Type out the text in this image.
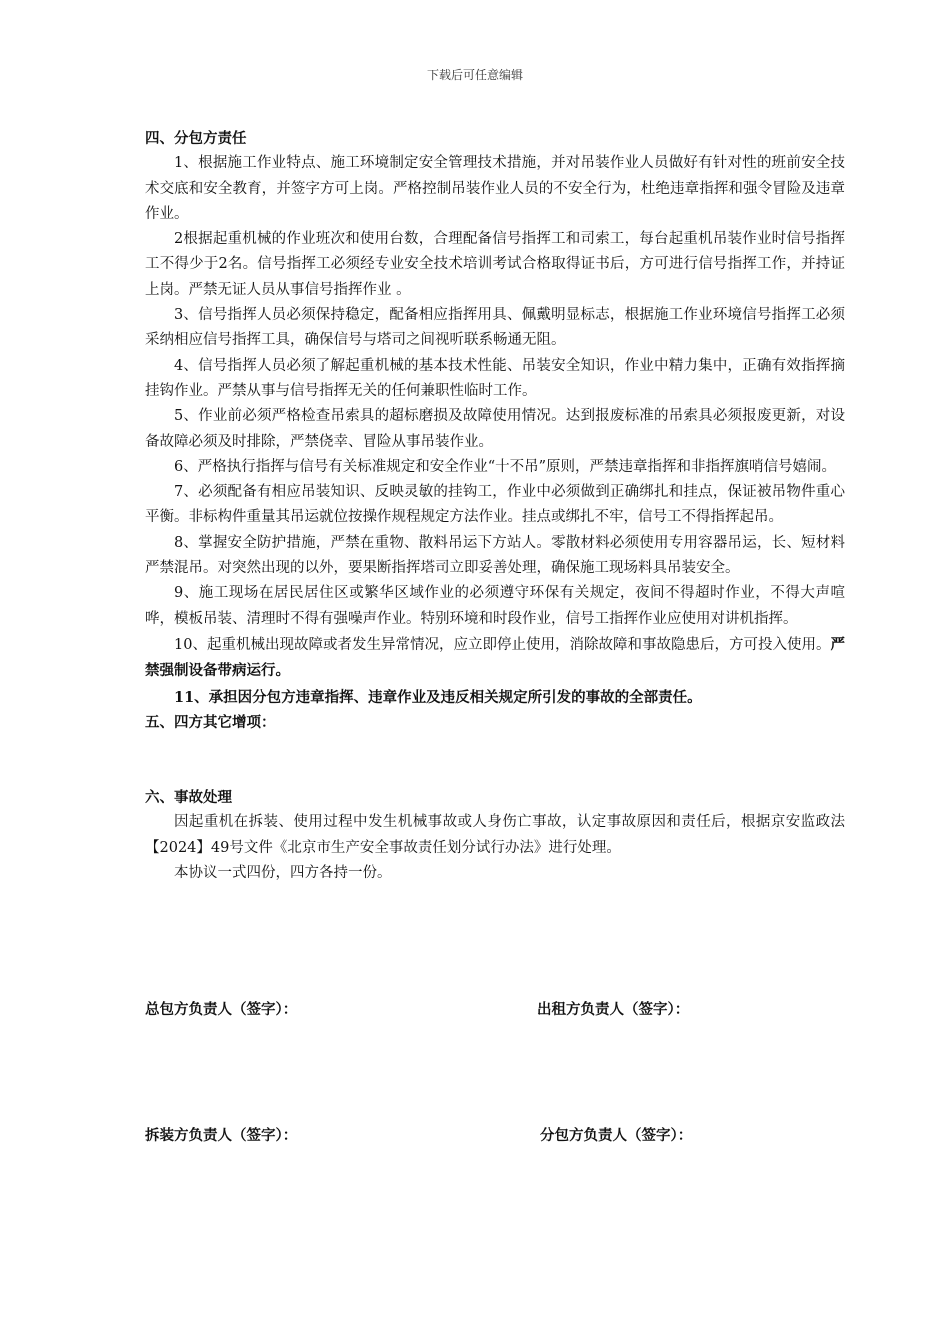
下载后可任意编辑

四、分包方责任

1、根据施工作业特点、施工环境制定安全管理技术措施，并对吊装作业人员做好有针对性的班前安全技术交底和安全教育，并签字方可上岗。严格控制吊装作业人员的不安全行为，杜绝违章指挥和强令冒险及违章作业。

2根据起重机械的作业班次和使用台数，合理配备信号指挥工和司索工，每台起重机吊装作业时信号指挥工不得少于2名。信号指挥工必须经专业安全技术培训考试合格取得证书后，方可进行信号指挥工作，并持证上岗。严禁无证人员从事信号指挥作业 。

3、信号指挥人员必须保持稳定，配备相应指挥用具、佩戴明显标志，根据施工作业环境信号指挥工必须采纳相应信号指挥工具，确保信号与塔司之间视听联系畅通无阻。

4、信号指挥人员必须了解起重机械的基本技术性能、吊装安全知识，作业中精力集中，正确有效指挥摘挂钩作业。严禁从事与信号指挥无关的任何兼职性临时工作。

5、作业前必须严格检查吊索具的超标磨损及故障使用情况。达到报废标准的吊索具必须报废更新，对设备故障必须及时排除，严禁侥幸、冒险从事吊装作业。

6、严格执行指挥与信号有关标准规定和安全作业“十不吊”原则，严禁违章指挥和非指挥旗哨信号嬉闹。

7、必须配备有相应吊装知识、反映灵敏的挂钩工，作业中必须做到正确绑扎和挂点，保证被吊物件重心平衡。非标构件重量其吊运就位按操作规程规定方法作业。挂点或绑扎不牢，信号工不得指挥起吊。

8、掌握安全防护措施，严禁在重物、散料吊运下方站人。零散材料必须使用专用容器吊运，长、短材料严禁混吊。对突然出现的以外，要果断指挥塔司立即妥善处理，确保施工现场料具吊装安全。

9、施工现场在居民居住区或繁华区域作业的必须遵守环保有关规定，夜间不得超时作业，不得大声喧哗，模板吊装、清理时不得有强噪声作业。特别环境和时段作业，信号工指挥作业应使用对讲机指挥。

10、起重机械出现故障或者发生异常情况，应立即停止使用，消除故障和事故隐患后，方可投入使用。严禁强制设备带病运行。

11、承担因分包方违章指挥、违章作业及违反相关规定所引发的事故的全部责任。

五、四方其它增项：

六、事故处理

因起重机在拆装、使用过程中发生机械事故或人身伤亡事故，认定事故原因和责任后，根据京安监政法【2024】49号文件《北京市生产安全事故责任划分试行办法》进行处理。

本协议一式四份，四方各持一份。

总包方负责人（签字）：	出租方负责人（签字）：
拆装方负责人（签字）：	分包方负责人（签字）：
